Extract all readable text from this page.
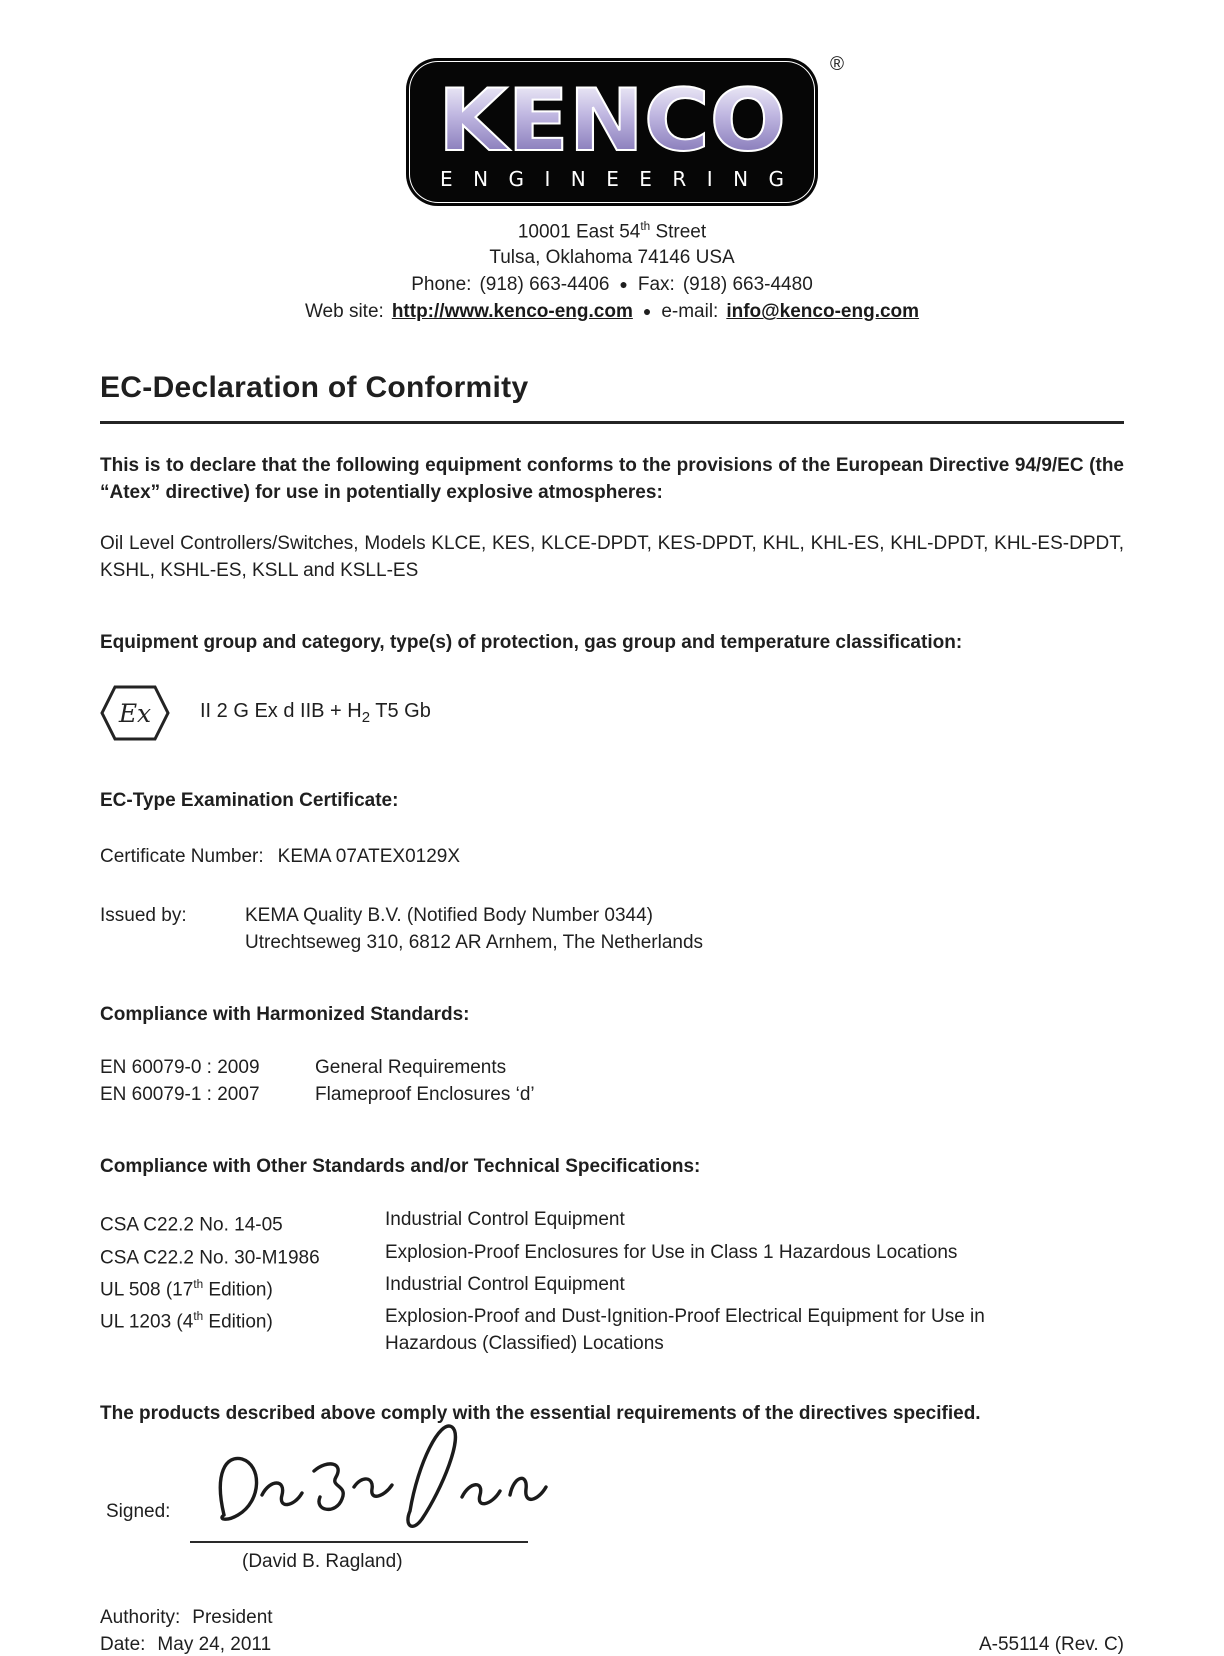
KENCO
ENGINEERING
®
10001 East 54th Street
Tulsa, Oklahoma 74146 USA
Phone: (918) 663-4406 ● Fax: (918) 663-4480
Web site: http://www.kenco-eng.com ● e-mail: info@kenco-eng.com
EC-Declaration of Conformity

This is to declare that the following equipment conforms to the provisions of the European Directive 94/9/EC (the “Atex” directive) for use in potentially explosive atmospheres:

Oil Level Controllers/Switches, Models KLCE, KES, KLCE-DPDT, KES-DPDT, KHL, KHL-ES, KHL-DPDT, KHL-ES-DPDT, KSHL, KSHL-ES, KSLL and KSLL-ES

Equipment group and category, type(s) of protection, gas group and temperature classification:
Ex II 2 G Ex d IIB + $H_2$ T5 Gb
EC-Type Examination Certificate:
Certificate Number: KEMA 07ATEX0129X
Issued by:	KEMA Quality B.V. (Notified Body Number 0344)
Utrechtseweg 310, 6812 AR Arnhem, The Netherlands
Compliance with Harmonized Standards:
EN 60079-0 : 2009	General Requirements
EN 60079-1 : 2007	Flameproof Enclosures ‘d’
Compliance with Other Standards and/or Technical Specifications:
CSA C22.2 No. 14-05	Industrial Control Equipment
CSA C22.2 No. 30-M1986	Explosion-Proof Enclosures for Use in Class 1 Hazardous Locations
UL 508 (17th Edition)	Industrial Control Equipment
UL 1203 (4th Edition)	Explosion-Proof and Dust-Ignition-Proof Electrical Equipment for Use in Hazardous (Classified) Locations

The products described above comply with the essential requirements of the directives specified.

Signed:
(David B. Ragland)
Authority: President
Date: May 24, 2011	A-55114 (Rev. C)
